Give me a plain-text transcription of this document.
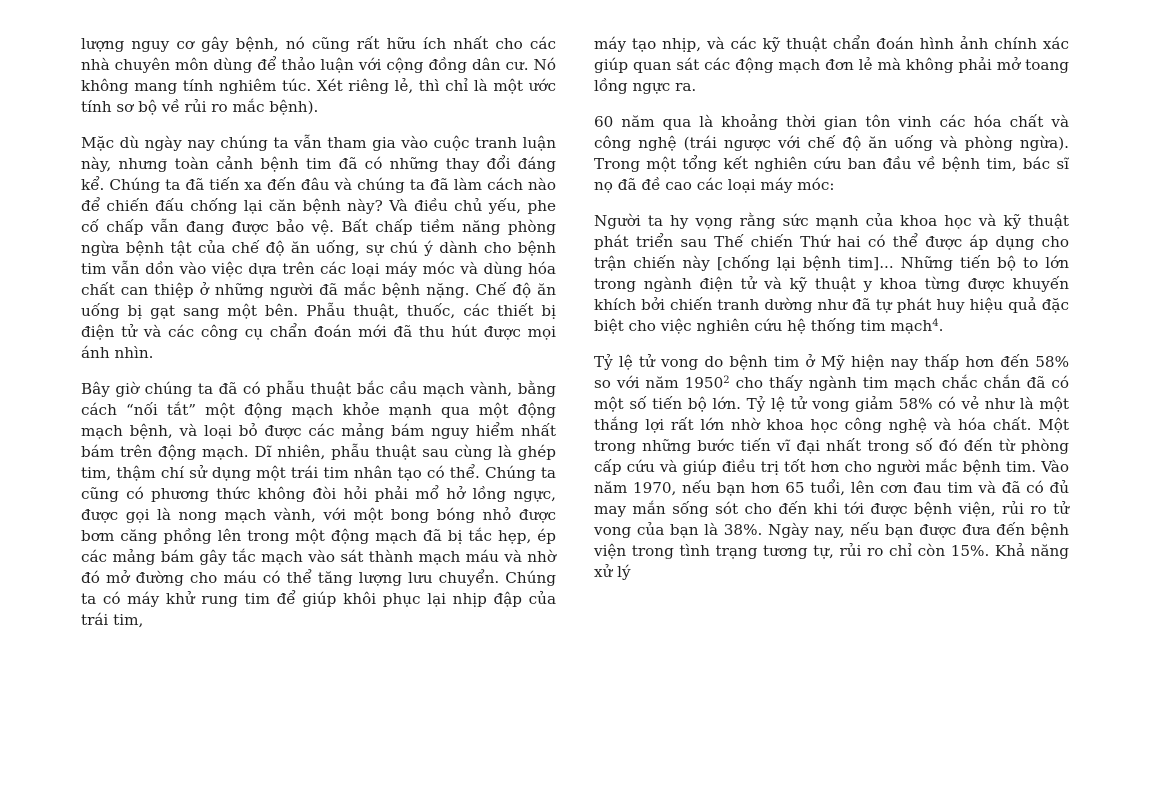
lượng nguy cơ gây bệnh, nó cũng rất hữu ích nhất cho các nhà chuyên môn dùng để thảo luận với cộng đồng dân cư. Nó không mang tính nghiêm túc. Xét riêng lẻ, thì chỉ là một ước tính sơ bộ về rủi ro mắc bệnh).

Mặc dù ngày nay chúng ta vẫn tham gia vào cuộc tranh luận này, nhưng toàn cảnh bệnh tim đã có những thay đổi đáng kể. Chúng ta đã tiến xa đến đâu và chúng ta đã làm cách nào để chiến đấu chống lại căn bệnh này? Và điều chủ yếu, phe cố chấp vẫn đang được bảo vệ. Bất chấp tiềm năng phòng ngừa bệnh tật của chế độ ăn uống, sự chú ý dành cho bệnh tim vẫn dồn vào việc dựa trên các loại máy móc và dùng hóa chất can thiệp ở những người đã mắc bệnh nặng. Chế độ ăn uống bị gạt sang một bên. Phẫu thuật, thuốc, các thiết bị điện tử và các công cụ chẩn đoán mới đã thu hút được mọi ánh nhìn.

Bây giờ chúng ta đã có phẫu thuật bắc cầu mạch vành, bằng cách “nối tắt” một động mạch khỏe mạnh qua một động mạch bệnh, và loại bỏ được các mảng bám nguy hiểm nhất bám trên động mạch. Dĩ nhiên, phẫu thuật sau cùng là ghép tim, thậm chí sử dụng một trái tim nhân tạo có thể. Chúng ta cũng có phương thức không đòi hỏi phải mổ hở lồng ngực, được gọi là nong mạch vành, với một bong bóng nhỏ được bơm căng phồng lên trong một động mạch đã bị tắc hẹp, ép các mảng bám gây tắc mạch vào sát thành mạch máu và nhờ đó mở đường cho máu có thể tăng lượng lưu chuyển. Chúng ta có máy khử rung tim để giúp khôi phục lại nhịp đập của trái tim,

máy tạo nhịp, và các kỹ thuật chẩn đoán hình ảnh chính xác giúp quan sát các động mạch đơn lẻ mà không phải mở toang lồng ngực ra.

60 năm qua là khoảng thời gian tôn vinh các hóa chất và công nghệ (trái ngược với chế độ ăn uống và phòng ngừa). Trong một tổng kết nghiên cứu ban đầu về bệnh tim, bác sĩ nọ đã đề cao các loại máy móc:

Người ta hy vọng rằng sức mạnh của khoa học và kỹ thuật phát triển sau Thế chiến Thứ hai có thể được áp dụng cho trận chiến này [chống lại bệnh tim]... Những tiến bộ to lớn trong ngành điện tử và kỹ thuật y khoa từng được khuyến khích bởi chiến tranh dường như đã tự phát huy hiệu quả đặc biệt cho việc nghiên cứu hệ thống tim mạch$^4$.

Tỷ lệ tử vong do bệnh tim ở Mỹ hiện nay thấp hơn đến 58% so với năm 1950$^2$ cho thấy ngành tim mạch chắc chắn đã có một số tiến bộ lớn. Tỷ lệ tử vong giảm 58% có vẻ như là một thắng lợi rất lớn nhờ khoa học công nghệ và hóa chất. Một trong những bước tiến vĩ đại nhất trong số đó đến từ phòng cấp cứu và giúp điều trị tốt hơn cho người mắc bệnh tim. Vào năm 1970, nếu bạn hơn 65 tuổi, lên cơn đau tim và đã có đủ may mắn sống sót cho đến khi tới được bệnh viện, rủi ro tử vong của bạn là 38%. Ngày nay, nếu bạn được đưa đến bệnh viện trong tình trạng tương tự, rủi ro chỉ còn 15%. Khả năng xử lý
